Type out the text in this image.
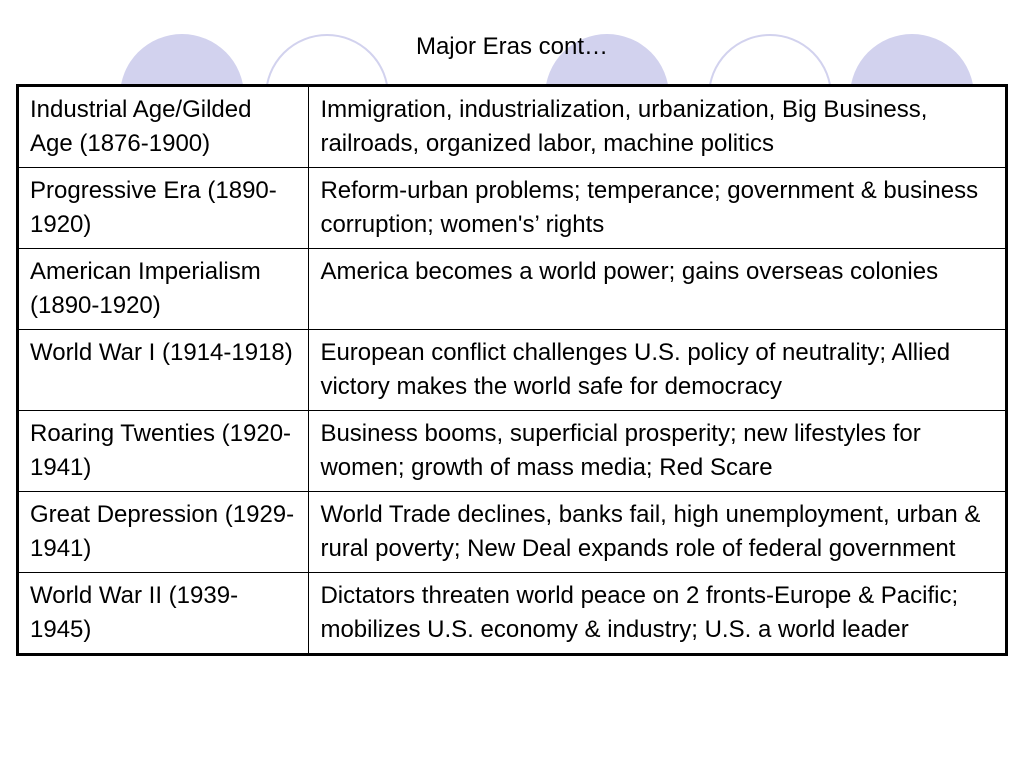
Major Eras cont…
Industrial Age/Gilded Age (1876-1900)	Immigration, industrialization, urbanization, Big Business, railroads, organized labor, machine politics
Progressive Era (1890-1920)	Reform-urban problems; temperance; government & business corruption; women's’ rights
American Imperialism (1890-1920)	America becomes a world power; gains overseas colonies
World War I (1914-1918)	European conflict challenges U.S. policy of neutrality; Allied victory makes the world safe for democracy
Roaring Twenties (1920-1941)	Business booms, superficial prosperity; new lifestyles for women; growth of mass media; Red Scare
Great Depression (1929-1941)	World Trade declines, banks fail, high unemployment, urban & rural poverty; New Deal expands role of federal government
World War II (1939-1945)	Dictators threaten world peace on 2 fronts-Europe & Pacific; mobilizes U.S. economy & industry; U.S. a world leader
